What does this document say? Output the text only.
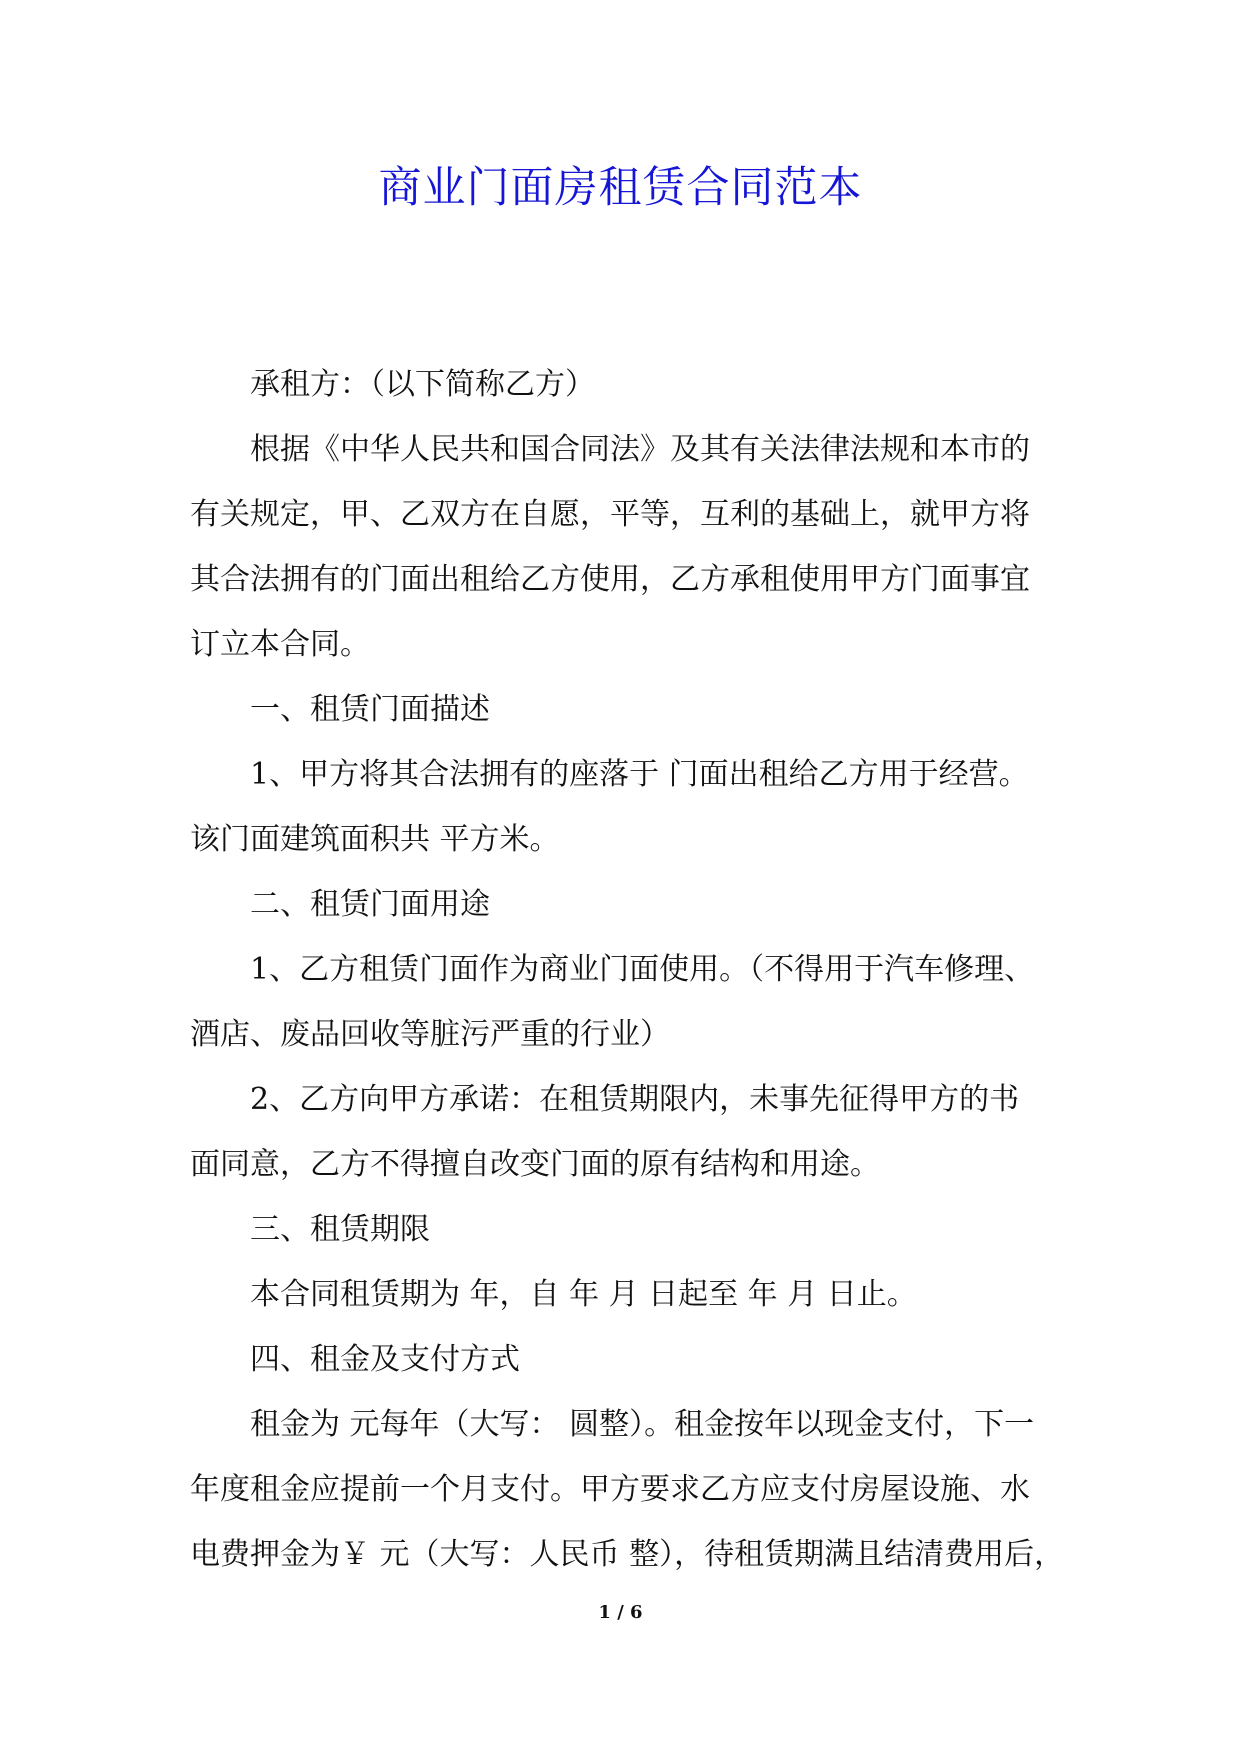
商业门面房租赁合同范本

承租方：（以下简称乙方）

根据《中华人民共和国合同法》及其有关法律法规和本市的

有关规定，甲、乙双方在自愿，平等，互利的基础上，就甲方将

其合法拥有的门面出租给乙方使用，乙方承租使用甲方门面事宜

订立本合同。

一、租赁门面描述

1、甲方将其合法拥有的座落于 门面出租给乙方用于经营。

该门面建筑面积共 平方米。

二、租赁门面用途

1、乙方租赁门面作为商业门面使用。（不得用于汽车修理、

酒店、废品回收等脏污严重的行业）

2、乙方向甲方承诺：在租赁期限内，未事先征得甲方的书

面同意，乙方不得擅自改变门面的原有结构和用途。

三、租赁期限

本合同租赁期为 年，自 年 月 日起至 年 月 日止。

四、租金及支付方式

租金为 元每年（大写： 圆整）。租金按年以现金支付，下一

年度租金应提前一个月支付。甲方要求乙方应支付房屋设施、水

电费押金为￥ 元（大写：人民币 整），待租赁期满且结清费用后，

1 / 6
